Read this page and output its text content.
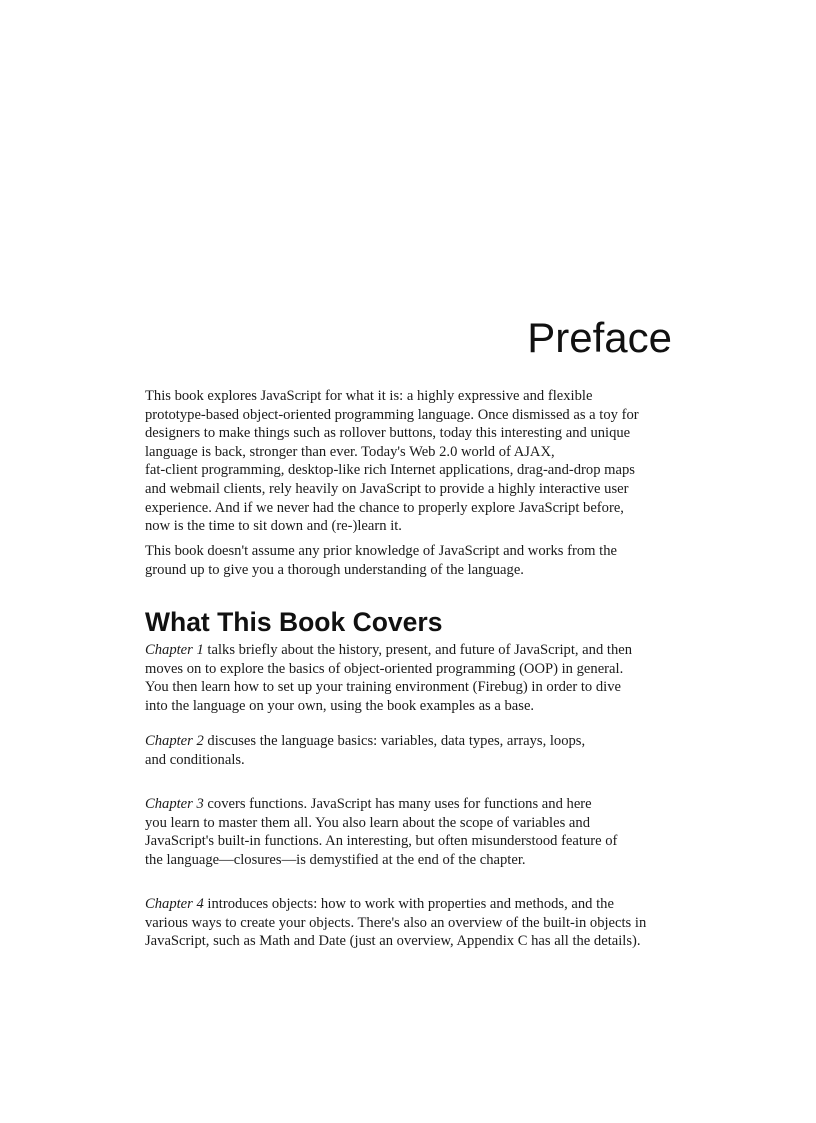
Preface

This book explores JavaScript for what it is: a highly expressive and flexible
prototype-based object-oriented programming language. Once dismissed as a toy for
designers to make things such as rollover buttons, today this interesting and unique
language is back, stronger than ever. Today's Web 2.0 world of AJAX,
fat-client programming, desktop-like rich Internet applications, drag-and-drop maps
and webmail clients, rely heavily on JavaScript to provide a highly interactive user
experience. And if we never had the chance to properly explore JavaScript before,
now is the time to sit down and (re-)learn it.

This book doesn't assume any prior knowledge of JavaScript and works from the
ground up to give you a thorough understanding of the language.

What This Book Covers

Chapter 1 talks briefly about the history, present, and future of JavaScript, and then
moves on to explore the basics of object-oriented programming (OOP) in general.
You then learn how to set up your training environment (Firebug) in order to dive
into the language on your own, using the book examples as a base.

Chapter 2 discuses the language basics: variables, data types, arrays, loops,
and conditionals.

Chapter 3 covers functions. JavaScript has many uses for functions and here
you learn to master them all. You also learn about the scope of variables and
JavaScript's built-in functions. An interesting, but often misunderstood feature of
the language—closures—is demystified at the end of the chapter.

Chapter 4 introduces objects: how to work with properties and methods, and the
various ways to create your objects. There's also an overview of the built-in objects in
JavaScript, such as Math and Date (just an overview, Appendix C has all the details).
